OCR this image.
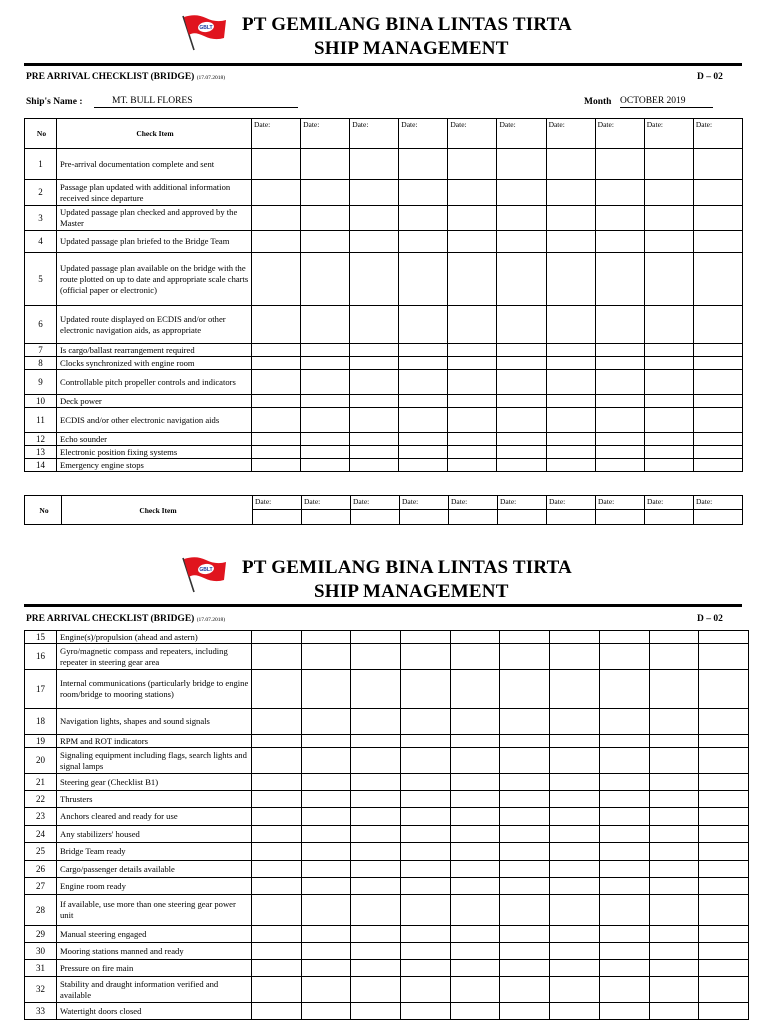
GBLT PT GEMILANG BINA LINTAS TIRTA
SHIP MANAGEMENT
PRE ARRIVAL CHECKLIST (BRIDGE) (17.07.2018)	D – 02
Ship's Name :	MT. BULL FLORES	Month OCTOBER 2019
No	Check Item	Date:	Date:	Date:	Date:	Date:	Date:	Date:	Date:	Date:	Date:
1	Pre-arrival documentation complete and sent										
2	Passage plan updated with additional information received since departure										
3	Updated passage plan checked and approved by the Master										
4	Updated passage plan briefed to the Bridge Team										
5	Updated passage plan available on the bridge with the route plotted on up to date and appropriate scale charts (official paper or electronic)										
6	Updated route displayed on ECDIS and/or other electronic navigation aids, as appropriate										
7	Is cargo/ballast rearrangement required										
8	Clocks synchronized with engine room										
9	Controllable pitch propeller controls and indicators										
10	Deck power										
11	ECDIS and/or other electronic navigation aids										
12	Echo sounder										
13	Electronic position fixing systems										
14	Emergency engine stops										
No	Check Item	Date:	Date:	Date:	Date:	Date:	Date:	Date:	Date:	Date:	Date:

GBLT PT GEMILANG BINA LINTAS TIRTA
SHIP MANAGEMENT
PRE ARRIVAL CHECKLIST (BRIDGE) (17.07.2018)	D – 02
15	Engine(s)/propulsion (ahead and astern)										
16	Gyro/magnetic compass and repeaters, including repeater in steering gear area										
17	Internal communications (particularly bridge to engine room/bridge to mooring stations)										
18	Navigation lights, shapes and sound signals										
19	RPM and ROT indicators										
20	Signaling equipment including flags, search lights and signal lamps										
21	Steering gear (Checklist B1)										
22	Thrusters										
23	Anchors cleared and ready for use										
24	Any stabilizers' housed										
25	Bridge Team ready										
26	Cargo/passenger details available										
27	Engine room ready										
28	If available, use more than one steering gear power unit										
29	Manual steering engaged										
30	Mooring stations manned and ready										
31	Pressure on fire main										
32	Stability and draught information verified and available										
33	Watertight doors closed										
